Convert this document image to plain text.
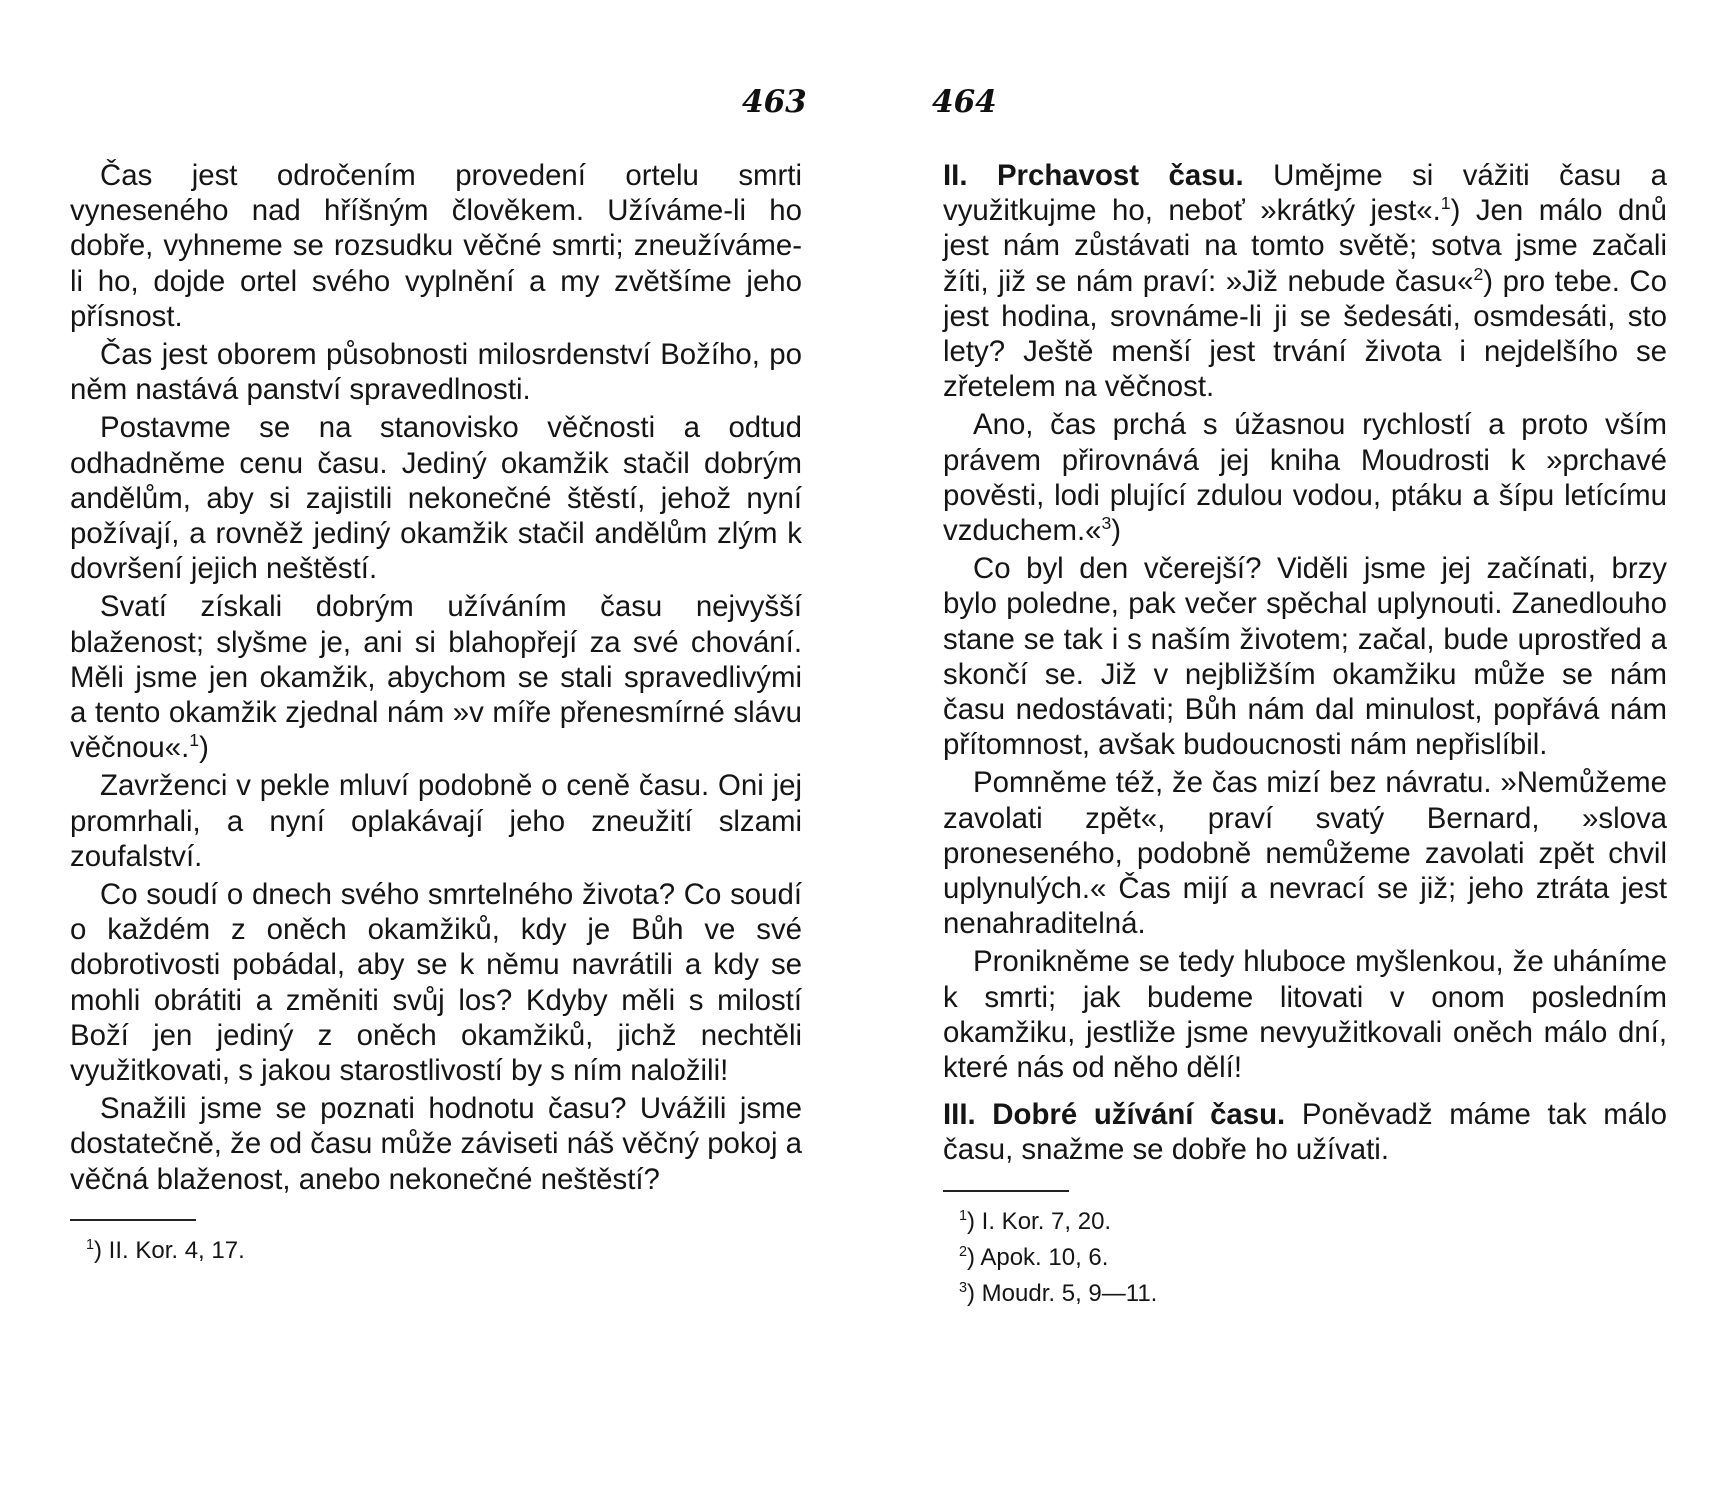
463

Čas jest odročením provedení ortelu smrti vyneseného nad hříšným člověkem. Užíváme-li ho dobře, vyhneme se rozsudku věčné smrti; zneužíváme-li ho, dojde ortel svého vyplnění a my zvětšíme jeho přísnost.

Čas jest oborem působnosti milosrdenství Božího, po něm nastává panství spravedlnosti.

Postavme se na stanovisko věčnosti a odtud odhadněme cenu času. Jediný okamžik stačil dobrým andělům, aby si zajistili nekonečné štěstí, jehož nyní požívají, a rovněž jediný okamžik stačil andělům zlým k dovršení jejich neštěstí.

Svatí získali dobrým užíváním času nejvyšší blaženost; slyšme je, ani si blahopřejí za své chování. Měli jsme jen okamžik, abychom se stali spravedlivými a tento okamžik zjednal nám »v míře přenesmírné slávu věčnou«.$^1$)

Zavrženci v pekle mluví podobně o ceně času. Oni jej promrhali, a nyní oplakávají jeho zneužití slzami zoufalství.

Co soudí o dnech svého smrtelného života? Co soudí o každém z oněch okamžiků, kdy je Bůh ve své dobrotivosti pobádal, aby se k němu navrátili a kdy se mohli obrátiti a změniti svůj los? Kdyby měli s milostí Boží jen jediný z oněch okamžiků, jichž nechtěli využitkovati, s jakou starostlivostí by s ním naložili!

Snažili jsme se poznati hodnotu času? Uvážili jsme dostatečně, že od času může záviseti náš věčný pokoj a věčná blaženost, anebo nekonečné neštěstí?

$^1$) II. Kor. 4, 17.
464

II. Prchavost času. Umějme si vážiti času a využitkujme ho, neboť »krátký jest«.$^1$) Jen málo dnů jest nám zůstávati na tomto světě; sotva jsme začali žíti, již se nám praví: »Již nebude času«$^2$) pro tebe. Co jest hodina, srovnáme-li ji se šedesáti, osmdesáti, sto lety? Ještě menší jest trvání života i nejdelšího se zřetelem na věčnost.

Ano, čas prchá s úžasnou rychlostí a proto vším právem přirovnává jej kniha Moudrosti k »prchavé pověsti, lodi plující zdulou vodou, ptáku a šípu letícímu vzduchem.«$^3$)

Co byl den včerejší? Viděli jsme jej začínati, brzy bylo poledne, pak večer spěchal uplynouti. Zanedlouho stane se tak i s naším životem; začal, bude uprostřed a skončí se. Již v nejbližším okamžiku může se nám času nedostávati; Bůh nám dal minulost, popřává nám přítomnost, avšak budoucnosti nám nepřislíbil.

Pomněme též, že čas mizí bez návratu. »Nemůžeme zavolati zpět«, praví svatý Bernard, »slova proneseného, podobně nemůžeme zavolati zpět chvil uplynulých.« Čas mijí a nevrací se již; jeho ztráta jest nenahraditelná.

Pronikněme se tedy hluboce myšlenkou, že uháníme k smrti; jak budeme litovati v onom posledním okamžiku, jestliže jsme nevyužitkovali oněch málo dní, které nás od něho dělí!

III. Dobré užívání času. Poněvadž máme tak málo času, snažme se dobře ho užívati.

$^1$) I. Kor. 7, 20.
$^2$) Apok. 10, 6.
$^3$) Moudr. 5, 9—11.
